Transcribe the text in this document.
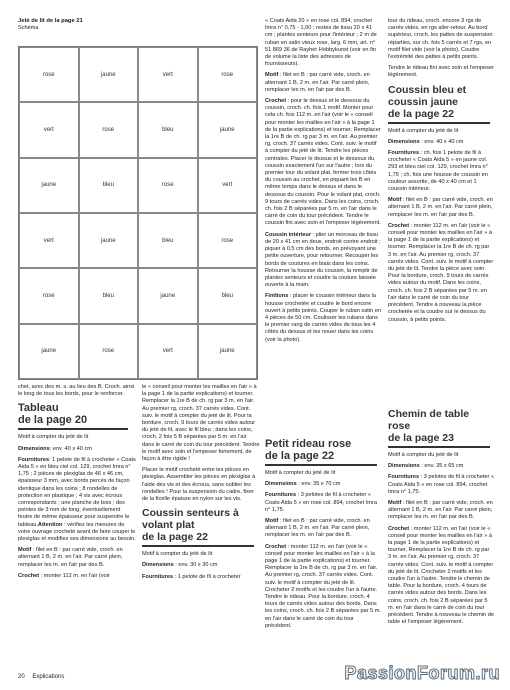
Jeté de lit de la page 21

Schéma

rose	jaune	vert	rose
vert	rose	bleu	jaune
jaune	bleu	rose	vert
vert	jaune	bleu	rose
rose	bleu	jaune	bleu
jaune	rose	vert	jaune

chet, avec des m. s. au lieu des B. Croch. ainsi le long de tous les bords, pour le renforcer.

Tableau

de la page 20

Motif à compter du jeté de lit

Dimensions: env. 40 x 40 cm

Fournitures: 1 pelote de fil à crocheter « Coats Aida 5 » en bleu ciel col. 129, crochet Imra n° 1,75 ; 2 pièces de plexiglas de 46 x 46 cm, épaisseur 3 mm, avec bords percés de façon identique dans les coins ; 8 rondelles de protection en plastique ; 4 vis avec écrous correspondants ; une planche de bois ; des pointes de 3 mm de long, éventuellement feutre de même épaisseur pour suspendre le tableau.Attention : vérifiez les mesures de votre ouvrage crocheté avant de faire couper le plexiglas et modifiez ses dimensions au besoin.

Motif : filet en B : par carré vide, croch. en alternant 1 B, 2 m. en l'air. Par carré plein, remplacer les m. en l'air par des B.

Crochet : monter 112 m. en l'air (voir

le « conseil pour monter les mailles en l'air » à la page 1 de la partie explications) et tourner. Remplacer la 1re B de ch. rg par 3 m. en l'air. Au premier rg, croch. 37 carrés vides. Cont. suiv. le motif à compter du jeté de lit. Pour la bordure, croch. 9 tours de carrés vides autour du jeté de lit, avec le fil bleu ; dans les coins, croch. 2 fois 5 B séparées par 5 m. en l'air dans le carré de coin du tour précédent. Tendre le motif avec soin et l'empeser fortement, de façon à être rigide !

Placer le motif crocheté entre les pièces en plexiglas. Assembler les pièces en plexiglas à l'aide des vis et des écrous, sans oublier les rondelles ! Pour la suspension du cadre, fixer de la ficelle épaisse en nylon sur les vis.

Coussin senteurs à

volant plat

de la page 22

Motif à compter du jeté de lit

Dimensions : env. 30 x 30 cm

Fournitures : 1 pelote de fil à crocheter

« Coats Aida 20 » en rose col. 894, crochet Imra n° 0,75 - 1,00 ; restes de tissu 20 x 41 cm ; plantes senteurs pour l'intérieur ; 2 m de ruban en satin vieux rose, larg. 6 mm, art. n° 51 869 36 de Rayher Hobbykunst (voir en fin de volume la liste des adresses de fournisseurs).

Motif : filet en B : par carré vide, croch. en alternant 1 B, 2 m. en l'air. Par carré plein, remplacer les m. en l'air par des B.

Crochet : pour le dessus et le dessous du coussin, croch. ch. fois 1 motif. Monter pour cela ch. fois 112 m. en l'air (voir le « conseil pour monter les mailles en l'air » à la page 1 de la partie explications) et tourner. Remplacer la 1re B de ch. rg par 3 m. en l'air. Au premier rg, croch. 37 carrés vides. Cont. suiv. le motif à compter du jeté de lit. Tendre les pièces centrales. Placer le dessus et le dessous du coussin exactement l'un sur l'autre ; lors du premier tour du volant plat, fermer trois côtés du coussin au crochet, en piquant les B en même temps dans le dessus et dans le dessous du coussin. Pour le volant plat, croch. 9 tours de carrés vides. Dans les coins, croch. ch. fois 2 B séparées par 5 m. en l'air dans le carré de coin du tour précédent. Tendre le coussin fini avec soin et l'empeser légèrement.

Coussin intérieur : plier un morceau de tissu de 20 x 41 cm en deux, endroit contre endroit ; piquer à 0,5 cm des bords, en prévoyant une petite ouverture, pour retourner. Recouper les bords de coutures en biais dans les coins. Retourner la housse du coussin, la remplir de plantes senteurs et coudre la couture laissée ouverte à la main.

Finitions : placer le coussin intérieur dans la housse crochetée et coudre le bord encore ouvert à petits points. Couper le ruban satin en 4 pièces de 50 cm. Coulisser les rubans dans le premier rang de carrés vides de tous les 4 côtés du dessus et les nouer dans les coins (voir la photo).

Petit rideau rose

de la page 22

Motif à compter du jeté de lit

Dimensions : env. 35 x 70 cm

Fournitures : 3 pelotes de fil à crocheter « Coats Aida 5 » en rose col. 894, crochet Imra n° 1,75.

Motif : filet en B : par carré vide, croch. en alternant 1 B, 2 m. en l'air. Par carré plein, remplacer les m. en l'air par des B.

Crochet : monter 112 m. en l'air (voir le « conseil pour monter les mailles en l'air » à la page 1 de la partie explications) et tourner. Remplacer la 1re B de ch. rg par 3 m. en l'air. Au premier rg, croch. 37 carrés vides. Cont. suiv. le motif à compter du jeté de lit. Crocheter 2 motifs et les coudre l'un à l'autre. Tendre le rideau. Pour la bordure, croch. 4 tours de carrés vides autour des bords. Dans les coins, croch. ch. fois 2 B séparées par 5 m. en l'air dans le carré de coin du tour précédent.

tour du rideau, croch. encore 3 rgs de carrés vides, en rgs aller-retour. Au bord supérieur, croch. les pattes de suspension réparties, sur ch. fois 5 carrés et 7 rgs, en motif filet vide (voir la photo). Coudre l'extrémité des pattes à petits points.

Tendre le rideau fini avec soin et l'empeser légèrement.

Coussin bleu et

coussin jaune

de la page 22

Motif à compter du jeté de lit

Dimensions : env. 40 x 40 cm

Fournitures : ch. fois 1 pelote de fil à crocheter « Coats Aida 5 » en jaune col. 293 et bleu ciel col. 129, crochet Imra n° 1,75 ; ch. fois une housse de coussin en couleur assortie, de 40 x 40 cm et 1 coussin intérieur.

Motif : filet en B : par carré vide, croch. en alternant 1 B, 2 m. en l'air. Par carré plein, remplacer les m. en l'air par des B.

Crochet : monter 112 m. en l'air (voir le « conseil pour monter les mailles en l'air » à la page 1 de la partie explications) et tourner. Remplacer la 1re B de ch. rg par 3 m. en l'air. Au premier rg, croch. 37 carrés vides. Cont. suiv. le motif à compter du jeté de lit. Tendre la pièce avec soin. Pour la bordure, croch. 9 tours de carrés vides autour du motif. Dans les coins, croch. ch. fois 2 B séparées par 5 m. en l'air dans le carré de coin du tour précédent. Tendre à nouveau la pièce crochetée et la coudre sur le dessus du coussin, à petits points.

Chemin de table rose

de la page 23

Motif à compter du jeté de lit

Dimensions : env. 35 x 65 cm

Fournitures : 3 pelotes de fil à crocheter « Coats Aida 5 » en rose col. 894, crochet Imra n° 1,75.

Motif : filet en B : par carré vide, croch. en alternant 1 B, 2 m. en l'air. Par carré plein, remplacer les m. en l'air par des B.

Crochet : monter 112 m. en l'air (voir le « conseil pour monter les mailles en l'air » à la page 1 de la partie explications) et tourner. Remplacer la 1re B de ch. rg par 3 m. en l'air. Au premier rg, croch. 37 carrés vides. Cont. suiv. le motif à compter du jeté de lit. Crocheter 2 motifs et les coudre l'un à l'autre. Tendre le chemin de table. Pour la bordure, croch. 4 tours de carrés vides autour des bords. Dans les coins, croch. ch. fois 2 B séparées par 5 m. en l'air dans le carré de coin du tour précédent. Tendre à nouveau le chemin de table et l'empeser légèrement.

20 Explications	PassionForum.ru
